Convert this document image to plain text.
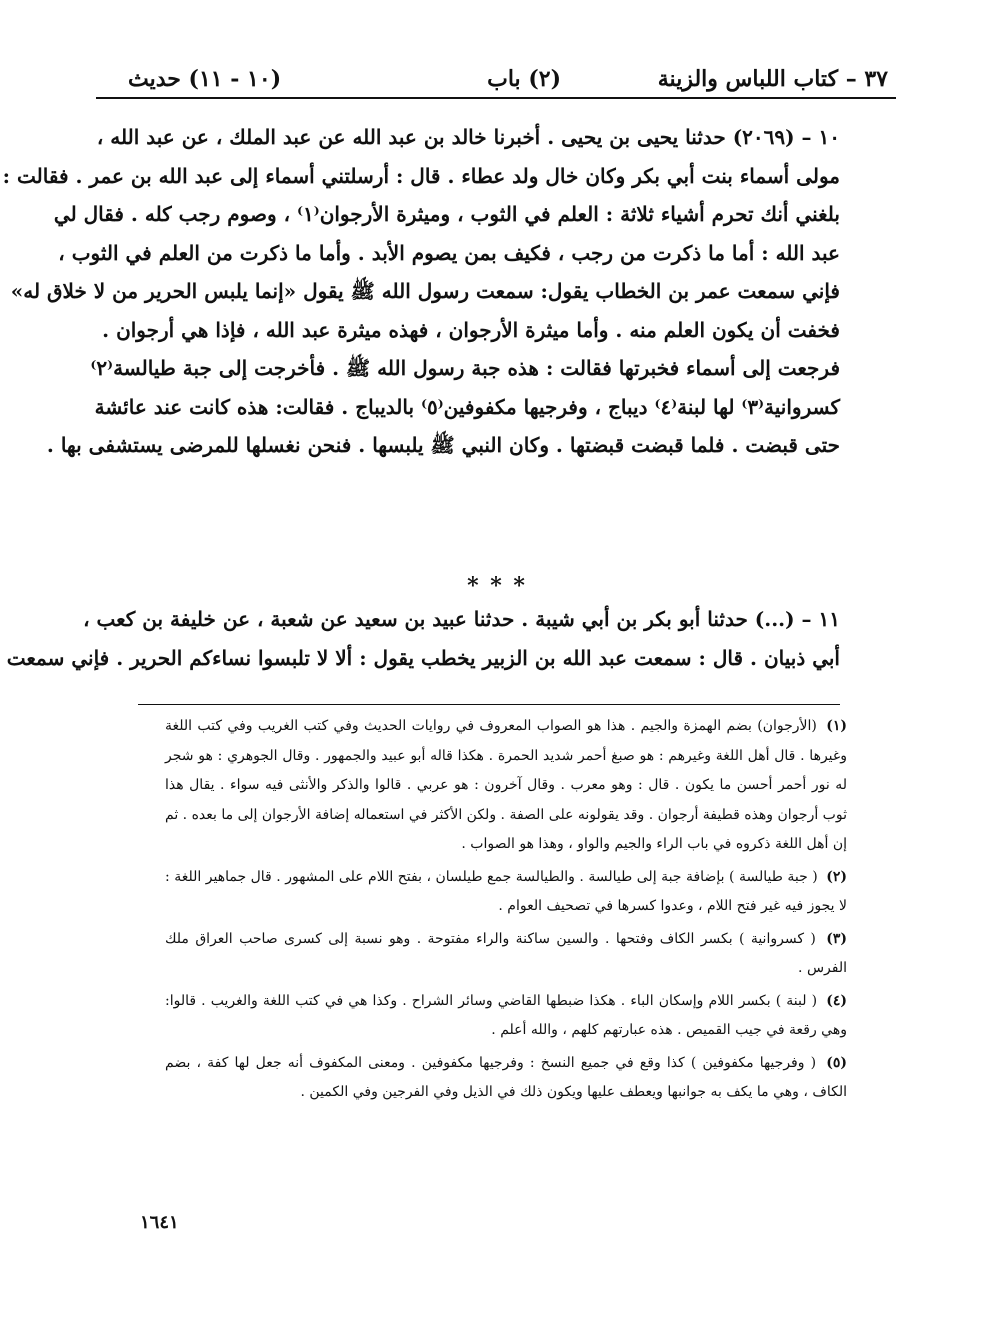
٣٧ – كتاب اللباس والزينة
(٢) باب
(١٠ - ١١) حديث
١٠ – (٢٠٦٩) حدثنا يحيى بن يحيى . أخبرنا خالد بن عبد الله عن عبد الملك ، عن عبد الله ،
مولى أسماء بنت أبي بكر وكان خال ولد عطاء . قال : أرسلتني أسماء إلى عبد الله بن عمر . فقالت :
بلغني أنك تحرم أشياء ثلاثة : العلم في الثوب ، وميثرة الأرجوان⁽١⁾ ، وصوم رجب كله . فقال لي
عبد الله : أما ما ذكرت من رجب ، فكيف بمن يصوم الأبد . وأما ما ذكرت من العلم في الثوب ،
فإني سمعت عمر بن الخطاب يقول: سمعت رسول الله ﷺ يقول «إنما يلبس الحرير من لا خلاق له»
فخفت أن يكون العلم منه . وأما ميثرة الأرجوان ، فهذه ميثرة عبد الله ، فإذا هي أرجوان .
فرجعت إلى أسماء فخبرتها فقالت : هذه جبة رسول الله ﷺ . فأخرجت إلى جبة طيالسة⁽٢⁾
كسروانية⁽٣⁾ لها لبنة⁽٤⁾ ديباج ، وفرجيها مكفوفين⁽٥⁾ بالديباج . فقالت: هذه كانت عند عائشة
حتى قبضت . فلما قبضت قبضتها . وكان النبي ﷺ يلبسها . فنحن نغسلها للمرضى يستشفى بها .
* * *
١١ – (...) حدثنا أبو بكر بن أبي شيبة . حدثنا عبيد بن سعيد عن شعبة ، عن خليفة بن كعب ،
أبي ذبيان . قال : سمعت عبد الله بن الزبير يخطب يقول : ألا لا تلبسوا نساءكم الحرير . فإني سمعت

(١) (الأرجوان) بضم الهمزة والجيم . هذا هو الصواب المعروف في روايات الحديث وفي كتب الغريب وفي كتب اللغة وغيرها . قال أهل اللغة وغيرهم : هو صبغ أحمر شديد الحمرة . هكذا قاله أبو عبيد والجمهور . وقال الجوهري : هو شجر له نور أحمر أحسن ما يكون . قال : وهو معرب . وقال آخرون : هو عربي . قالوا والذكر والأنثى فيه سواء . يقال هذا ثوب أرجوان وهذه قطيفة أرجوان . وقد يقولونه على الصفة . ولكن الأكثر في استعماله إضافة الأرجوان إلى ما بعده . ثم إن أهل اللغة ذكروه في باب الراء والجيم والواو ، وهذا هو الصواب .

(٢) ( جبة طيالسة ) بإضافة جبة إلى طيالسة . والطيالسة جمع طيلسان ، بفتح اللام على المشهور . قال جماهير اللغة : لا يجوز فيه غير فتح اللام ، وعدوا كسرها في تصحيف العوام .

(٣) ( كسروانية ) بكسر الكاف وفتحها . والسين ساكنة والراء مفتوحة . وهو نسبة إلى كسرى صاحب العراق ملك الفرس .

(٤) ( لبنة ) بكسر اللام وإسكان الباء . هكذا ضبطها القاضي وسائر الشراح . وكذا هي في كتب اللغة والغريب . قالوا: وهي رقعة في جيب القميص . هذه عبارتهم كلهم ، والله أعلم .

(٥) ( وفرجيها مكفوفين ) كذا وقع في جميع النسخ : وفرجيها مكفوفين . ومعنى المكفوف أنه جعل لها كفة ، بضم الكاف ، وهي ما يكف به جوانبها ويعطف عليها ويكون ذلك في الذيل وفي الفرجين وفي الكمين .

١٦٤١
